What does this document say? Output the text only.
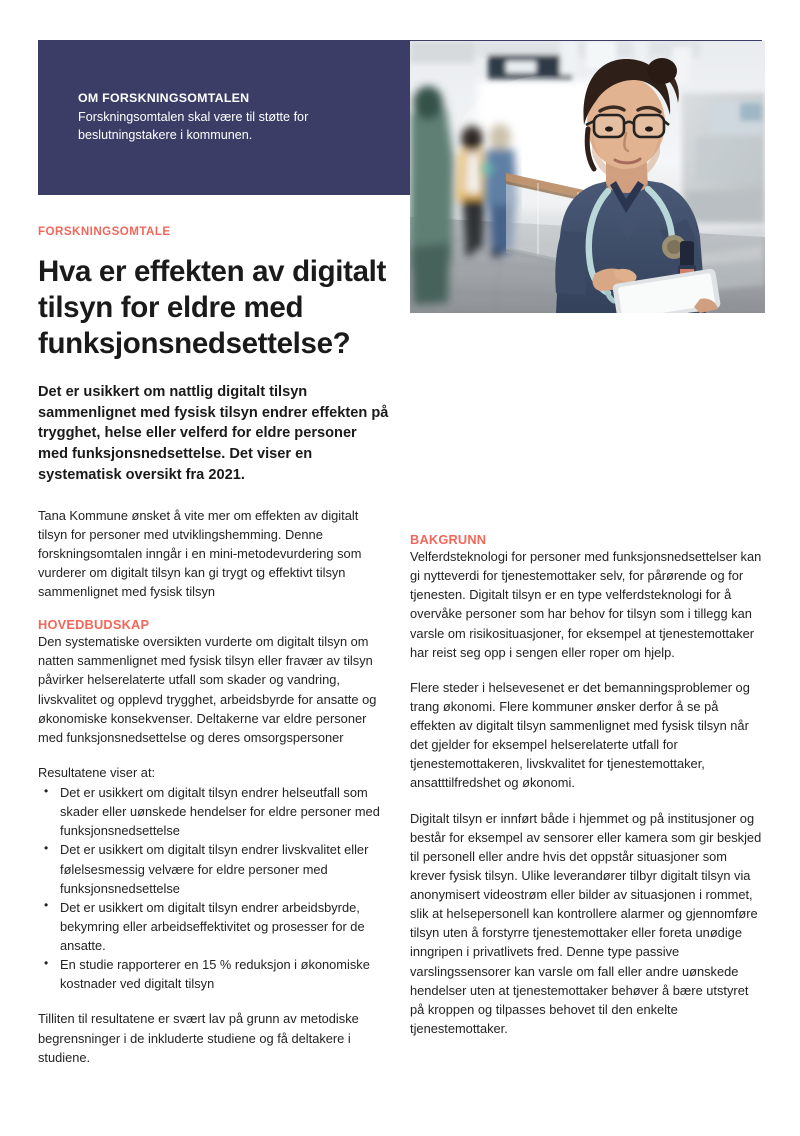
OM FORSKNINGSOMTALEN
Forskningsomtalen skal være til støtte for
beslutningstakere i kommunen.
FORSKNINGSOMTALE
Hva er effekten av digitalt tilsyn for eldre med funksjonsnedsettelse?

Det er usikkert om nattlig digitalt tilsyn sammenlignet med fysisk tilsyn endrer effekten på trygghet, helse eller velferd for eldre personer med funksjonsnedsettelse. Det viser en systematisk oversikt fra 2021.

Tana Kommune ønsket å vite mer om effekten av digitalt tilsyn for personer med utviklingshemming. Denne forskningsomtalen inngår i en mini-metodevurdering som vurderer om digitalt tilsyn kan gi trygt og effektivt tilsyn sammenlignet med fysisk tilsyn

HOVEDBUDSKAP

Den systematiske oversikten vurderte om digitalt tilsyn om natten sammenlignet med fysisk tilsyn eller fravær av tilsyn påvirker helserelaterte utfall som skader og vandring, livskvalitet og opplevd trygghet, arbeidsbyrde for ansatte og økonomiske konsekvenser. Deltakerne var eldre personer med funksjonsnedsettelse og deres omsorgspersoner

Resultatene viser at:
• Det er usikkert om digitalt tilsyn endrer helseutfall som skader eller uønskede hendelser for eldre personer med funksjonsnedsettelse
• Det er usikkert om digitalt tilsyn endrer livskvalitet eller følelsesmessig velvære for eldre personer med funksjonsnedsettelse
• Det er usikkert om digitalt tilsyn endrer arbeidsbyrde, bekymring eller arbeidseffektivitet og prosesser for de ansatte.
• En studie rapporterer en 15 % reduksjon i økonomiske kostnader ved digitalt tilsyn

Tilliten til resultatene er svært lav på grunn av metodiske begrensninger i de inkluderte studiene og få deltakere i studiene.

BAKGRUNN

Velferdsteknologi for personer med funksjonsnedsettelser kan gi nytteverdi for tjenestemottaker selv, for pårørende og for tjenesten. Digitalt tilsyn er en type velferdsteknologi for å overvåke personer som har behov for tilsyn som i tillegg kan varsle om risikosituasjoner, for eksempel at tjenestemottaker har reist seg opp i sengen eller roper om hjelp.

Flere steder i helsevesenet er det bemanningsproblemer og trang økonomi. Flere kommuner ønsker derfor å se på effekten av digitalt tilsyn sammenlignet med fysisk tilsyn når det gjelder for eksempel helserelaterte utfall for tjenestemottakeren, livskvalitet for tjenestemottaker, ansatttilfredshet og økonomi.

Digitalt tilsyn er innført både i hjemmet og på institusjoner og består for eksempel av sensorer eller kamera som gir beskjed til personell eller andre hvis det oppstår situasjoner som krever fysisk tilsyn. Ulike leverandører tilbyr digitalt tilsyn via anonymisert videostrøm eller bilder av situasjonen i rommet, slik at helsepersonell kan kontrollere alarmer og gjennomføre tilsyn uten å forstyrre tjenestemottaker eller foreta unødige inngripen i privatlivets fred. Denne type passive varslingssensorer kan varsle om fall eller andre uønskede hendelser uten at tjenestemottaker behøver å bære utstyret på kroppen og tilpasses behovet til den enkelte tjenestemottaker.
